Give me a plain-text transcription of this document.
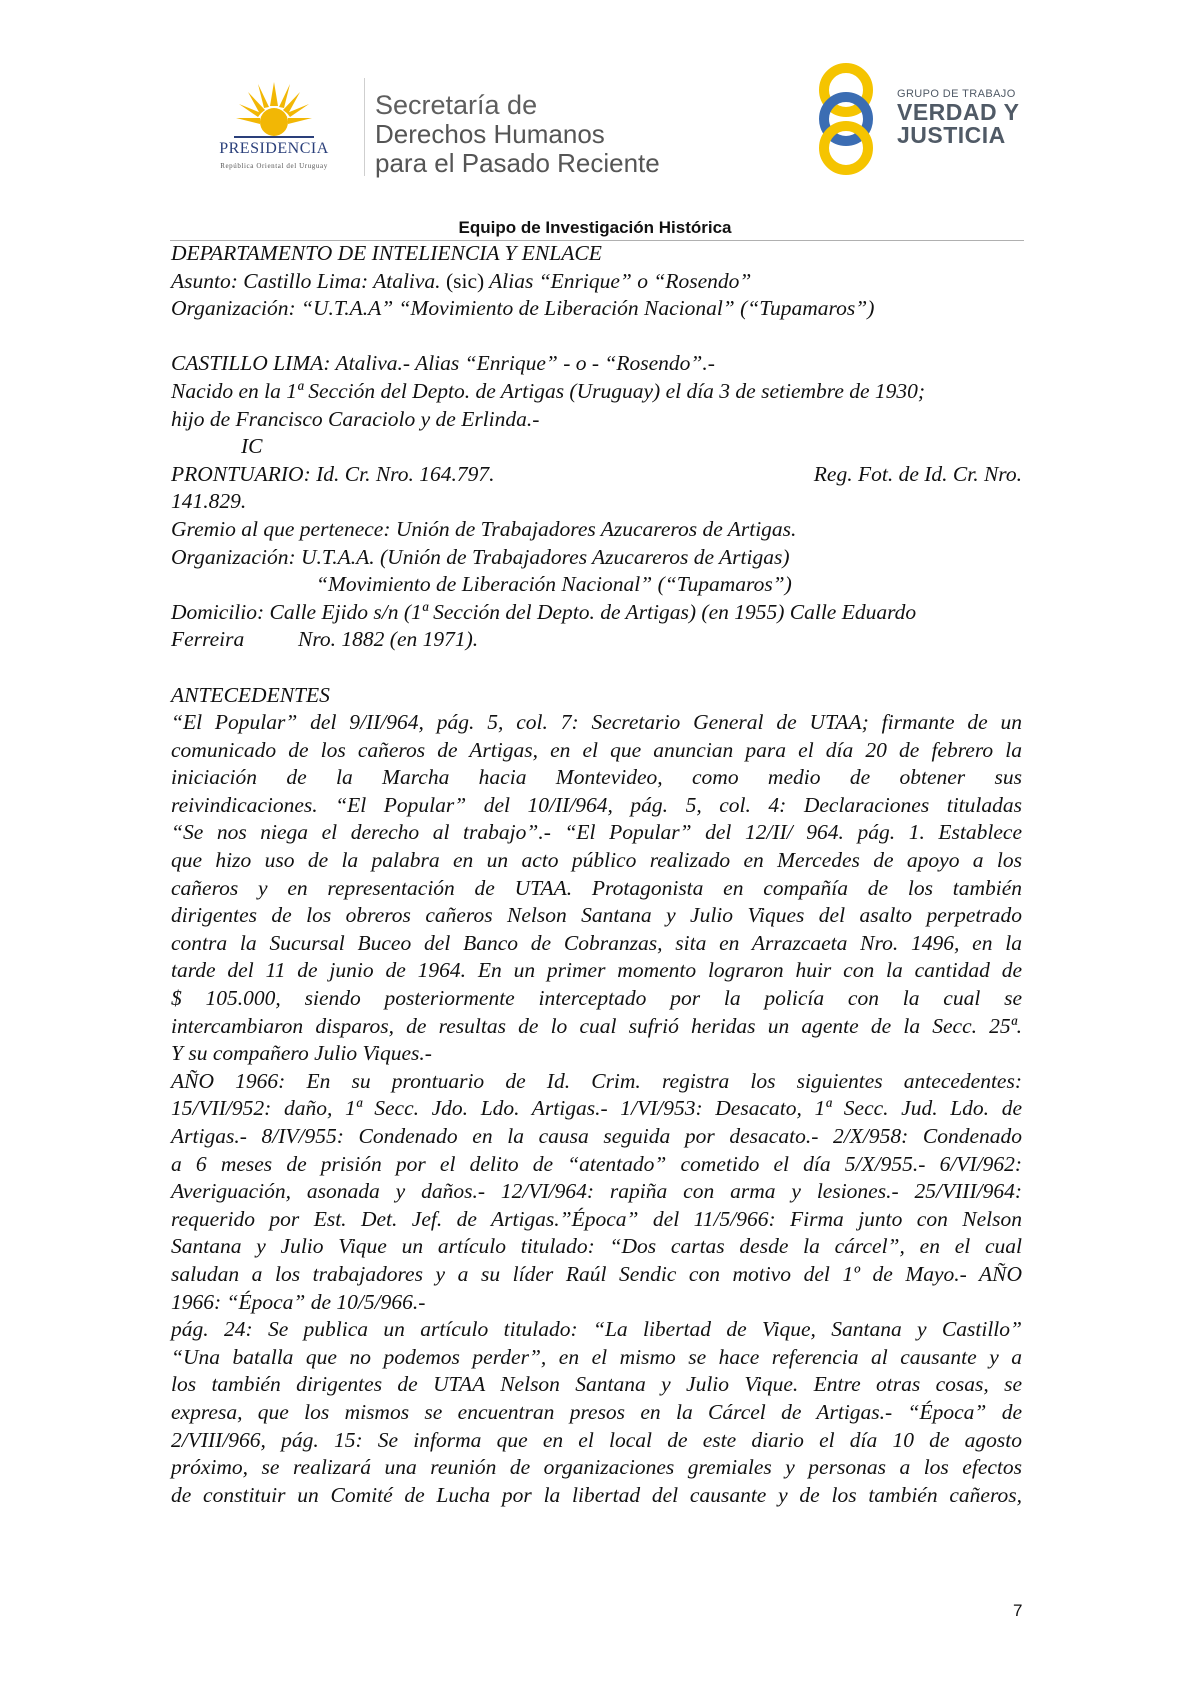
PRESIDENCIA
República Oriental del Uruguay
Secretaría de
Derechos Humanos
para el Pasado Reciente
GRUPO DE TRABAJO
VERDAD Y
JUSTICIA
Equipo de Investigación Histórica
DEPARTAMENTO DE INTELIENCIA Y ENLACE
Asunto: Castillo Lima: Ataliva. (sic) Alias “Enrique” o “Rosendo”
Organización: “U.T.A.A” “Movimiento de Liberación Nacional” (“Tupamaros”)
CASTILLO LIMA: Ataliva.- Alias “Enrique” - o - “Rosendo”.-
Nacido en la 1ª Sección del Depto. de Artigas (Uruguay) el día 3 de setiembre de 1930;
hijo de Francisco Caraciolo y de Erlinda.-
IC
PRONTUARIO: Id. Cr. Nro. 164.797.	Reg. Fot. de Id. Cr. Nro.
141.829.
Gremio al que pertenece: Unión de Trabajadores Azucareros de Artigas.
Organización: U.T.A.A. (Unión de Trabajadores Azucareros de Artigas)
“Movimiento de Liberación Nacional” (“Tupamaros”)
Domicilio: Calle Ejido s/n (1ª Sección del Depto. de Artigas) (en 1955) Calle Eduardo
Ferreira          Nro. 1882 (en 1971).
ANTECEDENTES
“El Popular” del 9/II/964, pág. 5, col. 7: Secretario General de UTAA; firmante de un
comunicado de los cañeros de Artigas, en el que anuncian para el día 20 de febrero la
iniciación de la Marcha hacia Montevideo, como medio de obtener sus
reivindicaciones. “El Popular” del 10/II/964, pág. 5, col. 4: Declaraciones tituladas
“Se nos niega el derecho al trabajo”.- “El Popular” del 12/II/ 964. pág. 1. Establece
que hizo uso de la palabra en un acto público realizado en Mercedes de apoyo a los
cañeros y en representación de UTAA. Protagonista en compañía de los también
dirigentes de los obreros cañeros Nelson Santana y Julio Viques del asalto perpetrado
contra la Sucursal Buceo del Banco de Cobranzas, sita en Arrazcaeta Nro. 1496, en la
tarde del 11 de junio de 1964. En un primer momento lograron huir con la cantidad de
$ 105.000, siendo posteriormente interceptado por la policía con la cual se
intercambiaron disparos, de resultas de lo cual sufrió heridas un agente de la Secc. 25ª.
Y su compañero Julio Viques.-
AÑO 1966: En su prontuario de Id. Crim. registra los siguientes antecedentes:
15/VII/952: daño, 1ª Secc. Jdo. Ldo. Artigas.- 1/VI/953: Desacato, 1ª Secc. Jud. Ldo. de
Artigas.- 8/IV/955: Condenado en la causa seguida por desacato.- 2/X/958: Condenado
a 6 meses de prisión por el delito de “atentado” cometido el día 5/X/955.- 6/VI/962:
Averiguación, asonada y daños.- 12/VI/964: rapiña con arma y lesiones.- 25/VIII/964:
requerido por Est. Det. Jef. de Artigas.”Época” del 11/5/966: Firma junto con Nelson
Santana y Julio Vique un artículo titulado: “Dos cartas desde la cárcel”, en el cual
saludan a los trabajadores y a su líder Raúl Sendic con motivo del 1º de Mayo.- AÑO
1966: “Época” de 10/5/966.-
pág. 24: Se publica un artículo titulado: “La libertad de Vique, Santana y Castillo”
“Una batalla que no podemos perder”, en el mismo se hace referencia al causante y a
los también dirigentes de UTAA Nelson Santana y Julio Vique. Entre otras cosas, se
expresa, que los mismos se encuentran presos en la Cárcel de Artigas.- “Época” de
2/VIII/966, pág. 15: Se informa que en el local de este diario el día 10 de agosto
próximo, se realizará una reunión de organizaciones gremiales y personas a los efectos
de constituir un Comité de Lucha por la libertad del causante y de los también cañeros,
7
